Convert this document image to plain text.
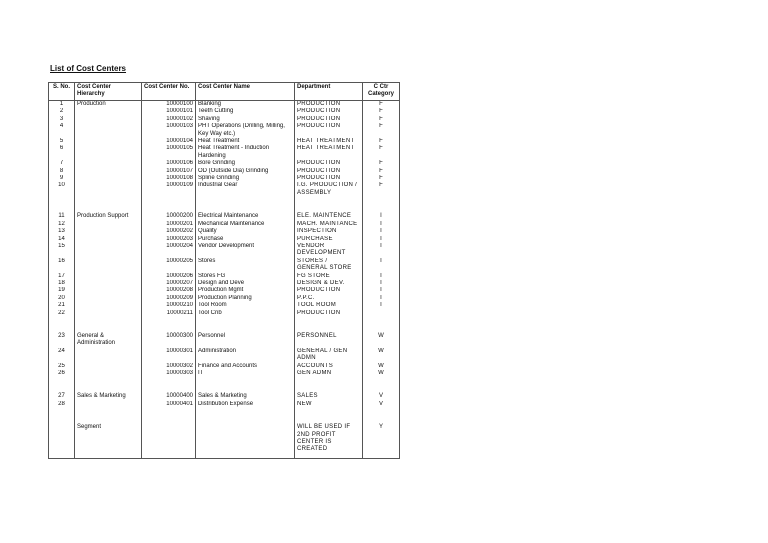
List of Cost Centers
S. No.	Cost Center Hierarchy	Cost Center No.	Cost Center Name	Department	C Ctr Category
1	Production	10000100	Blanking	PRODUCTION	F
2		10000101	Teeth Cutting	PRODUCTION	F
3		10000102	Shaving	PRODUCTION	F
4		10000103	PHT Operations (Drilling, Milling, Key Way etc.)	PRODUCTION	F
5		10000104	Heat Treatment	HEAT TREATMENT	F
6		10000105	Heat Treatment - Induction Hardening	HEAT TREATMENT	F
7		10000106	Bore Grinding	PRODUCTION	F
8		10000107	OD (Outside Dia) Grinding	PRODUCTION	F
9		10000108	Spline Grinding	PRODUCTION	F
10		10000109	Industrial Gear	I.G. PRODUCTION / ASSEMBLY	F

11	Production Support	10000200	Electrical Maintenance	ELE. MAINTENCE	I
12		10000201	Mechanical Maintenance	MACH. MAINTANCE	I
13		10000202	Quality	INSPECTION	I
14		10000203	Purchase	PURCHASE	I
15		10000204	Vendor Development	VENDOR DEVELOPMENT	I
16		10000205	Stores	STORES / GENERAL STORE	I
17		10000206	Stores FG	FG STORE	I
18		10000207	Design and Deve	DESIGN & DEV.	I
19		10000208	Production Mgmt	PRODUCTION	I
20		10000209	Production Planning	P.P.C.	I
21		10000210	Tool Room	TOOL ROOM	I
22		10000211	Tool Crib	PRODUCTION	

23	General & Administration	10000300	Personnel	PERSONNEL	W
24		10000301	Administration	GENERAL / GEN ADMN	W
25		10000302	Finance and Accounts	ACCOUNTS	W
26		10000303	IT	GEN ADMN	W

27	Sales & Marketing	10000400	Sales & Marketing	SALES	V
28		10000401	Distribution Expense	NEW	V

	Segment			WILL BE USED IF 2ND PROFIT CENTER IS CREATED	Y
